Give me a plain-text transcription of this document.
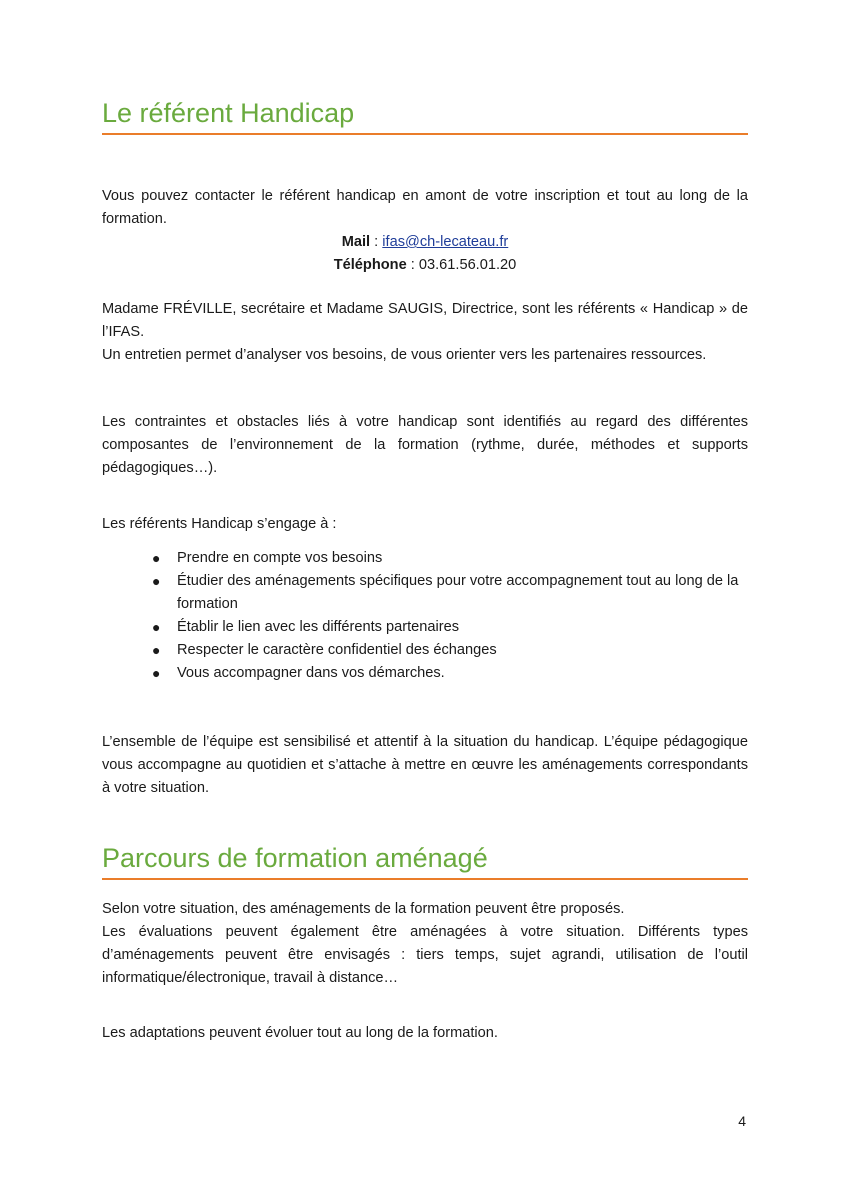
Le référent Handicap

Vous pouvez contacter le référent handicap en amont de votre inscription et tout au long de la formation.

Mail : ifas@ch-lecateau.fr

Téléphone : 03.61.56.01.20

Madame FRÉVILLE, secrétaire et Madame SAUGIS, Directrice, sont les référents « Handicap » de l’IFAS.

Un entretien permet d’analyser vos besoins, de vous orienter vers les partenaires ressources.

Les contraintes et obstacles liés à votre handicap sont identifiés au regard des différentes composantes de l’environnement de la formation (rythme, durée, méthodes et supports pédagogiques…).

Les référents Handicap s’engage à :

● Prendre en compte vos besoins
● Étudier des aménagements spécifiques pour votre accompagnement tout au long de la formation
● Établir le lien avec les différents partenaires
● Respecter le caractère confidentiel des échanges
● Vous accompagner dans vos démarches.

L’ensemble de l’équipe est sensibilisé et attentif à la situation du handicap. L’équipe pédagogique vous accompagne au quotidien et s’attache à mettre en œuvre les aménagements correspondants à votre situation.

Parcours de formation aménagé

Selon votre situation, des aménagements de la formation peuvent être proposés.

Les évaluations peuvent également être aménagées à votre situation. Différents types d’aménagements peuvent être envisagés : tiers temps, sujet agrandi, utilisation de l’outil informatique/électronique, travail à distance…

Les adaptations peuvent évoluer tout au long de la formation.

4
